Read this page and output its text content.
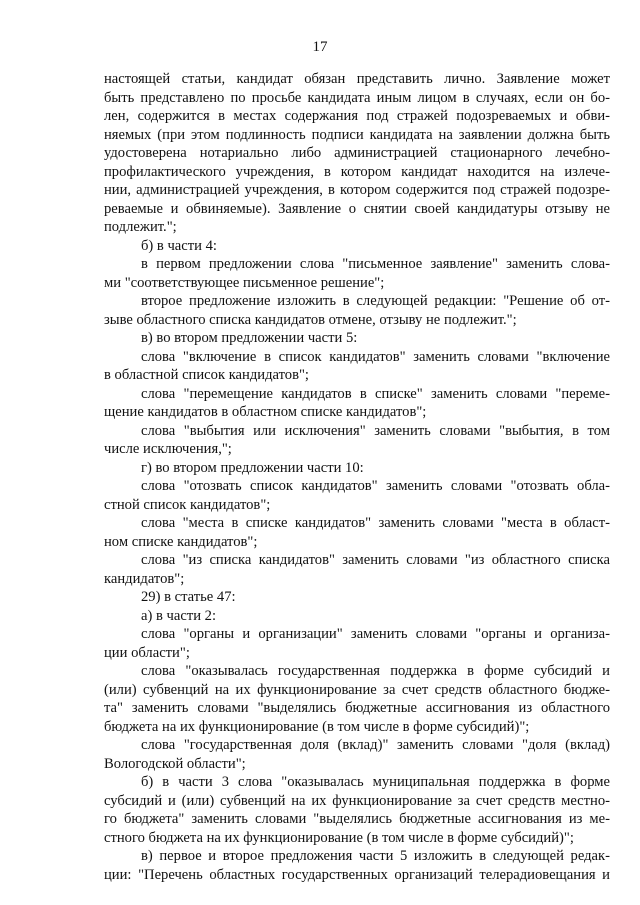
17
настоящей статьи, кандидат обязан представить лично. Заявление может
быть представлено по просьбе кандидата иным лицом в случаях, если он бо-
лен, содержится в местах содержания под стражей подозреваемых и обви-
няемых (при этом подлинность подписи кандидата на заявлении должна быть
удостоверена нотариально либо администрацией стационарного лечебно-
профилактического учреждения, в котором кандидат находится на излече-
нии, администрацией учреждения, в котором содержится под стражей подозре-
реваемые и обвиняемые). Заявление о снятии своей кандидатуры отзыву не
подлежит.";
б) в части 4:
в первом предложении слова "письменное заявление" заменить слова-
ми "соответствующее письменное решение";
второе предложение изложить в следующей редакции: "Решение об от-
зыве областного списка кандидатов отмене, отзыву не подлежит.";
в) во втором предложении части 5:
слова "включение в список кандидатов" заменить словами "включение
в областной список кандидатов";
слова "перемещение кандидатов в списке" заменить словами "переме-
щение кандидатов в областном списке кандидатов";
слова "выбытия или исключения" заменить словами "выбытия, в том
числе исключения,";
г) во втором предложении части 10:
слова "отозвать список кандидатов" заменить словами "отозвать обла-
стной список кандидатов";
слова "места в списке кандидатов" заменить словами "места в област-
ном списке кандидатов";
слова "из списка кандидатов" заменить словами "из областного списка
кандидатов";
29) в статье 47:
а) в части 2:
слова "органы и организации" заменить словами "органы и организа-
ции области";
слова "оказывалась государственная поддержка в форме субсидий и
(или) субвенций на их функционирование за счет средств областного бюдже-
та" заменить словами "выделялись бюджетные ассигнования из областного
бюджета на их функционирование (в том числе в форме субсидий)";
слова "государственная доля (вклад)" заменить словами "доля (вклад)
Вологодской области";
б) в части 3 слова "оказывалась муниципальная поддержка в форме
субсидий и (или) субвенций на их функционирование за счет средств местно-
го бюджета" заменить словами "выделялись бюджетные ассигнования из ме-
стного бюджета на их функционирование (в том числе в форме субсидий)";
в) первое и второе предложения части 5 изложить в следующей редак-
ции: "Перечень областных государственных организаций телерадиовещания и
